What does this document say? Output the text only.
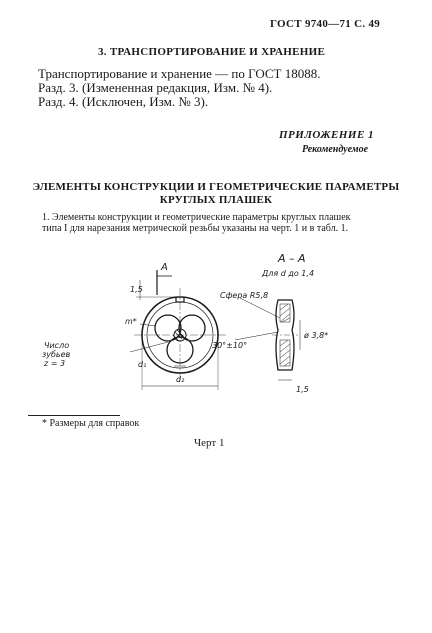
ГОСТ 9740—71 С. 49
3. ТРАНСПОРТИРОВАНИЕ И ХРАНЕНИЕ
Транспортирование и хранение — по ГОСТ 18088.
Разд. 3. (Измененная редакция, Изм. № 4).
Разд. 4. (Исключен, Изм. № 3).
ПРИЛОЖЕНИЕ 1
Рекомендуемое
ЭЛЕМЕНТЫ КОНСТРУКЦИИ И ГЕОМЕТРИЧЕСКИЕ ПАРАМЕТРЫ
КРУГЛЫХ ПЛАШЕК
1. Элементы конструкции и геометрические параметры круглых плашек
типа I для нарезания метрической резьбы указаны на черт. 1 и в табл. 1.
А – А
Для d до 1,4
А
1,5
m*
Число
зубьев
z = 3	d₁
d₂
Сфера R5,8
30°±10°
ø 3,8*
1,5
* Размеры для справок
Черт 1
